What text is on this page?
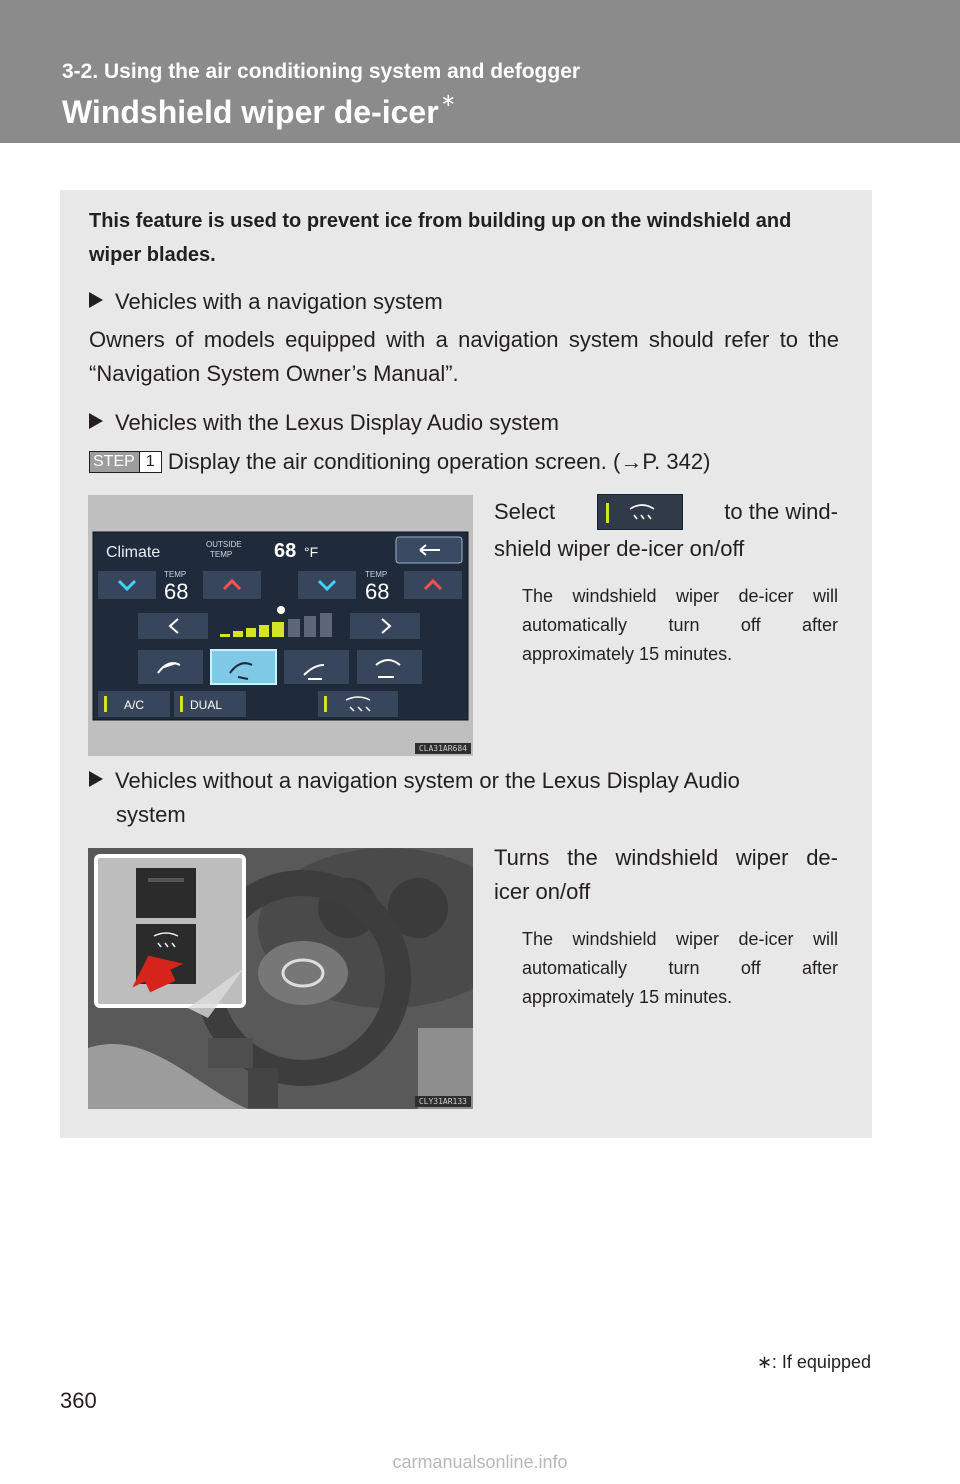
3-2. Using the air conditioning system and defogger
Windshield wiper de-icer ∗

This feature is used to prevent ice from building up on the windshield and wiper blades.

Vehicles with a navigation system

Owners of models equipped with a navigation system should refer to the “Navigation System Owner’s Manual”.

Vehicles with the Lexus Display Audio system

STEP 1 Display the air conditioning operation screen. (→P. 342)

Climate	OUTSIDE
TEMP 68 °F
TEMP
68
TEMP
68
A/C	DUAL
CLA31AR684

Select	to the wind-

shield wiper de-icer on/off

The windshield wiper de-icer will automatically turn off after approximately 15 minutes.

Vehicles without a navigation system or the Lexus Display Audio

system

CLY31AR133

Turns the windshield wiper de-

icer on/off

The windshield wiper de-icer will automatically turn off after approximately 15 minutes.

∗: If equipped
360
carmanualsonline.info
